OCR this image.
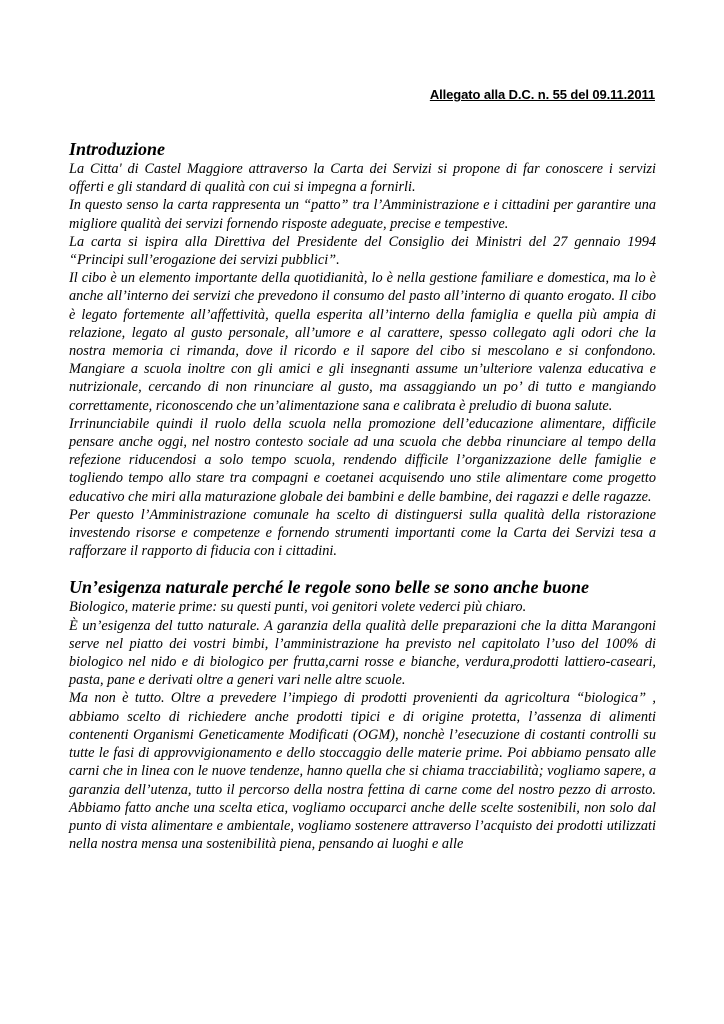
Allegato alla D.C. n. 55 del 09.11.2011
Introduzione

La Citta' di Castel Maggiore attraverso la Carta dei Servizi si propone di far conoscere i servizi offerti e gli standard di qualità con cui si impegna a fornirli.

In questo senso la carta rappresenta un “patto” tra l’Amministrazione e i cittadini per garantire una migliore qualità dei servizi fornendo risposte adeguate, precise e tempestive.

La carta si ispira alla Direttiva del Presidente del Consiglio dei Ministri del 27 gennaio 1994 “Principi sull’erogazione dei servizi pubblici”.

Il cibo è un elemento importante della quotidianità, lo è nella gestione familiare e domestica, ma lo è anche all’interno dei servizi che prevedono il consumo del pasto all’interno di quanto erogato. Il cibo è legato fortemente all’affettività, quella esperita all’interno della famiglia e quella più ampia di relazione, legato al gusto personale, all’umore e al carattere, spesso collegato agli odori che la nostra memoria ci rimanda, dove il ricordo e il sapore del cibo si mescolano e si confondono. Mangiare a scuola inoltre con gli amici e gli insegnanti assume un’ulteriore valenza educativa e nutrizionale, cercando di non rinunciare al gusto, ma assaggiando un po’ di tutto e mangiando correttamente, riconoscendo che un’alimentazione sana e calibrata è preludio di buona salute.

Irrinunciabile quindi il ruolo della scuola nella promozione dell’educazione alimentare, difficile pensare anche oggi, nel nostro contesto sociale ad una scuola che debba rinunciare al tempo della refezione riducendosi a solo tempo scuola, rendendo difficile l’organizzazione delle famiglie e togliendo tempo allo stare tra compagni e coetanei acquisendo uno stile alimentare come progetto educativo che miri alla maturazione globale dei bambini e delle bambine, dei ragazzi e delle ragazze.

Per questo l’Amministrazione comunale ha scelto di distinguersi sulla qualità della ristorazione investendo risorse e competenze e fornendo strumenti importanti come la Carta dei Servizi tesa a rafforzare il rapporto di fiducia con i cittadini.

Un’esigenza naturale perché le regole sono belle se sono anche buone

Biologico, materie prime: su questi punti, voi genitori volete vederci più chiaro.

È un’esigenza del tutto naturale. A garanzia della qualità delle preparazioni che la ditta Marangoni serve nel piatto dei vostri bimbi, l’amministrazione ha previsto nel capitolato l’uso del 100% di biologico nel nido e di biologico per frutta,carni rosse e bianche, verdura,prodotti lattiero-caseari, pasta, pane e derivati oltre a generi vari nelle altre scuole.

Ma non è tutto. Oltre a prevedere l’impiego di prodotti provenienti da agricoltura “biologica” , abbiamo scelto di richiedere anche prodotti tipici e di origine protetta, l’assenza di alimenti contenenti Organismi Geneticamente Modificati (OGM), nonchè l’esecuzione di costanti controlli su tutte le fasi di approvvigionamento e dello stoccaggio delle materie prime. Poi abbiamo pensato alle carni che in linea con le nuove tendenze, hanno quella che si chiama tracciabilità; vogliamo sapere, a garanzia dell’utenza, tutto il percorso della nostra fettina di carne come del nostro pezzo di arrosto. Abbiamo fatto anche una scelta etica, vogliamo occuparci anche delle scelte sostenibili, non solo dal punto di vista alimentare e ambientale, vogliamo sostenere attraverso l’acquisto dei prodotti utilizzati nella nostra mensa una sostenibilità piena, pensando ai luoghi e alle
